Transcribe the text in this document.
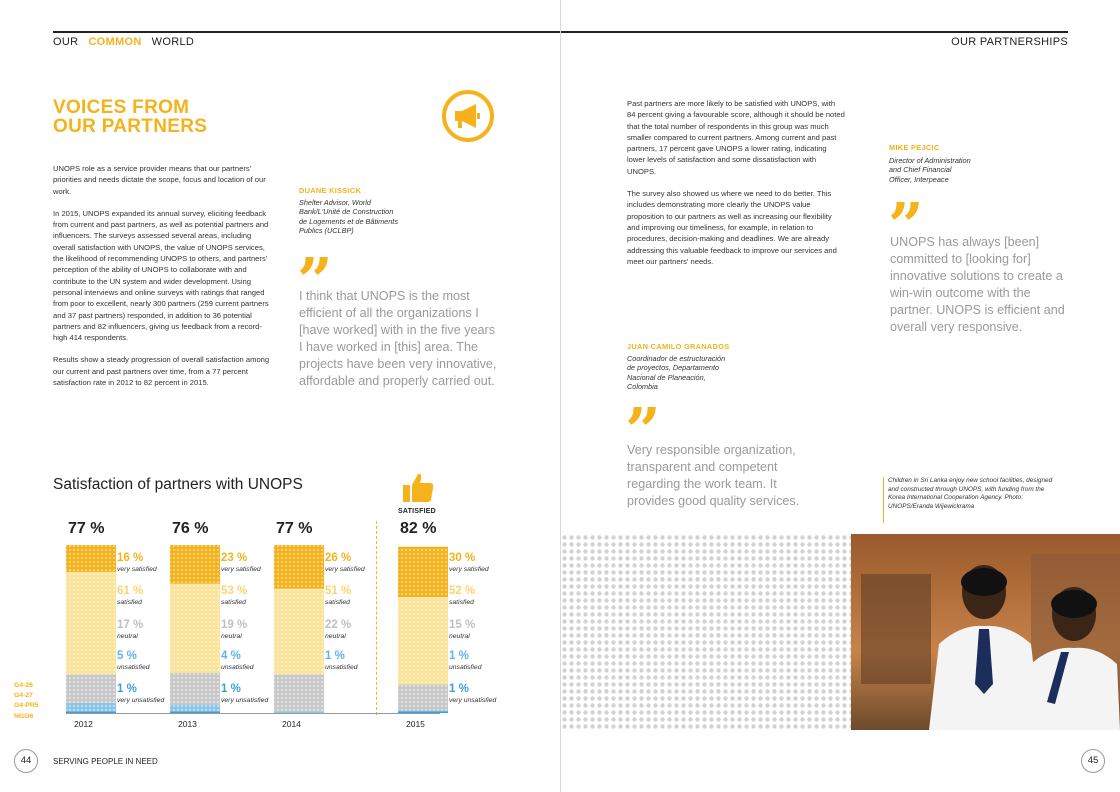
OUR COMMON WORLD
VOICES FROM
OUR PARTNERS

UNOPS role as a service provider means that our partners' priorities and needs dictate the scope, focus and location of our work.

In 2015, UNOPS expanded its annual survey, eliciting feedback from current and past partners, as well as potential partners and influencers. The surveys assessed several areas, including overall satisfaction with UNOPS, the value of UNOPS services, the likelihood of recommending UNOPS to others, and partners' perception of the ability of UNOPS to collaborate with and contribute to the UN system and wider development. Using personal interviews and online surveys with ratings that ranged from poor to excellent, nearly 300 partners (259 current partners and 37 past partners) responded, in addition to 36 potential partners and 82 influencers, giving us feedback from a record-high 414 respondents.

Results show a steady progression of overall satisfaction among our current and past partners over time, from a 77 percent satisfaction rate in 2012 to 82 percent in 2015.

DUANE KISSICK
Shelter Advisor, World
Bank/L'Unité de Construction
de Logements et de Bâtiments
Publics (UCLBP)
”
I think that UNOPS is the most efficient of all the organizations I [have worked] with in the five years I have worked in [this] area. The projects have been very innovative, affordable and properly carried out.
Satisfaction of partners with UNOPS
SATISFIED
77 %
2012
16 %
very satisfied
61 %
satisfied
17 %
neutral
5 %
unsatisfied
1 %
very unsatisfied
76 %
2013
23 %
very satisfied
53 %
satisfied
19 %
neutral
4 %
unsatisfied
1 %
very unsatisfied
77 %
2014
26 %
very satisfied
51 %
satisfied
22 %
neutral
1 %
unsatisfied
82 %
2015
30 %
very satisfied
52 %
satisfied
15 %
neutral
1 %
unsatisfied
1 %
very unsatisfied
G4-26
G4-27
G4-PR5
NGO6
44	SERVING PEOPLE IN NEED
OUR PARTNERSHIPS

Past partners are more likely to be satisfied with UNOPS, with 84 percent giving a favourable score, although it should be noted that the total number of respondents in this group was much smaller compared to current partners. Among current and past partners, 17 percent gave UNOPS a lower rating, indicating lower levels of satisfaction and some dissatisfaction with UNOPS.

The survey also showed us where we need to do better. This includes demonstrating more clearly the UNOPS value proposition to our partners as well as increasing our flexibility and improving our timeliness, for example, in relation to procedures, decision-making and deadlines. We are already addressing this valuable feedback to improve our services and meet our partners' needs.

MIKE PEJCIC
Director of Administration
and Chief Financial
Officer, Interpeace
”
UNOPS has always [been] committed to [looking for] innovative solutions to create a win-win outcome with the partner. UNOPS is efficient and overall very responsive.
JUAN CAMILO GRANADOS
Coordinador de estructuración
de proyectos, Departamento
Nacional de Planeación,
Colombia
”
Very responsible organization, transparent and competent regarding the work team. It provides good quality services.
Children in Sri Lanka enjoy new school facilities, designed and constructed through UNOPS, with funding from the Korea International Cooperation Agency. Photo: UNOPS/Eranda Wijewickrama
45
